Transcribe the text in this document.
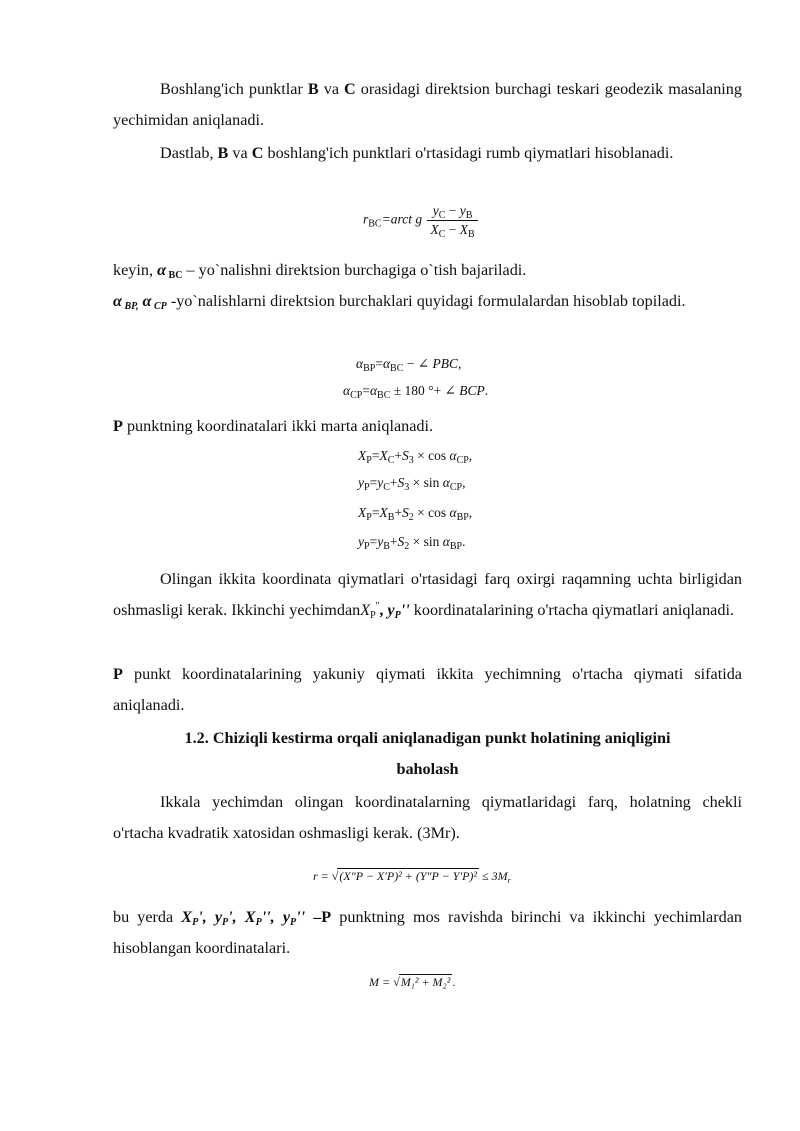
Boshlang'ich punktlar B va C orasidagi direktsion burchagi teskari geodezik masalaning yechimidan aniqlanadi.

Dastlab, B va C boshlang'ich punktlari o'rtasidagi rumb qiymatlari hisoblanadi.

$r_{BC}=arct$ g $\frac{y_C - y_B}{X_C - X_B}$

keyin, α $_{BC}$ – yo`nalishni direktsion burchagiga o`tish bajariladi.

α $_{BP,}$ α $_{CP}$ -yo`nalishlarni direktsion burchaklari quyidagi formulalardan hisoblab topiladi.

$\alpha_{BP}=\alpha_{BC}$ − ∠ PBC,
$\alpha_{CP}=\alpha_{BC} \pm 180$ °+ ∠ BCP.

P punktning koordinatalari ikki marta aniqlanadi.

$X_P=X_C+S_3 \times \cos \alpha_{CP}$,
$y_P=y_C+S_3 \times \sin \alpha_{CP}$,
$X_P=X_B+S_2 \times \cos \alpha_{BP}$,
$y_P=y_B+S_2 \times \sin \alpha_{BP}$.

Olingan ikkita koordinata qiymatlari o'rtasidagi farq oxirgi raqamning uchta birligidan oshmasligi kerak. Ikkinchi yechimdanX$_P$'', $y_P''$ koordinatalarining o'rtacha qiymatlari aniqlanadi.

P punkt koordinatalarining yakuniy qiymati ikkita yechimning o'rtacha qiymati sifatida aniqlanadi.

1.2. Chiziqli kestirma orqali aniqlanadigan punkt holatining aniqligini
baholash

Ikkala yechimdan olingan koordinatalarning qiymatlaridagi farq, holatning chekli o'rtacha kvadratik xatosidan oshmasligi kerak. (3Mr).

$r = √(X''P - X'P)^2 + (Y''P - Y'P)^2 \le 3M_r$

bu yerda $X_P'$, $y_P'$, $X_P''$, $y_P''$ –P punktning mos ravishda birinchi va ikkinchi yechimlardan hisoblangan koordinatalari.

M = √M₁² + M₂² .
